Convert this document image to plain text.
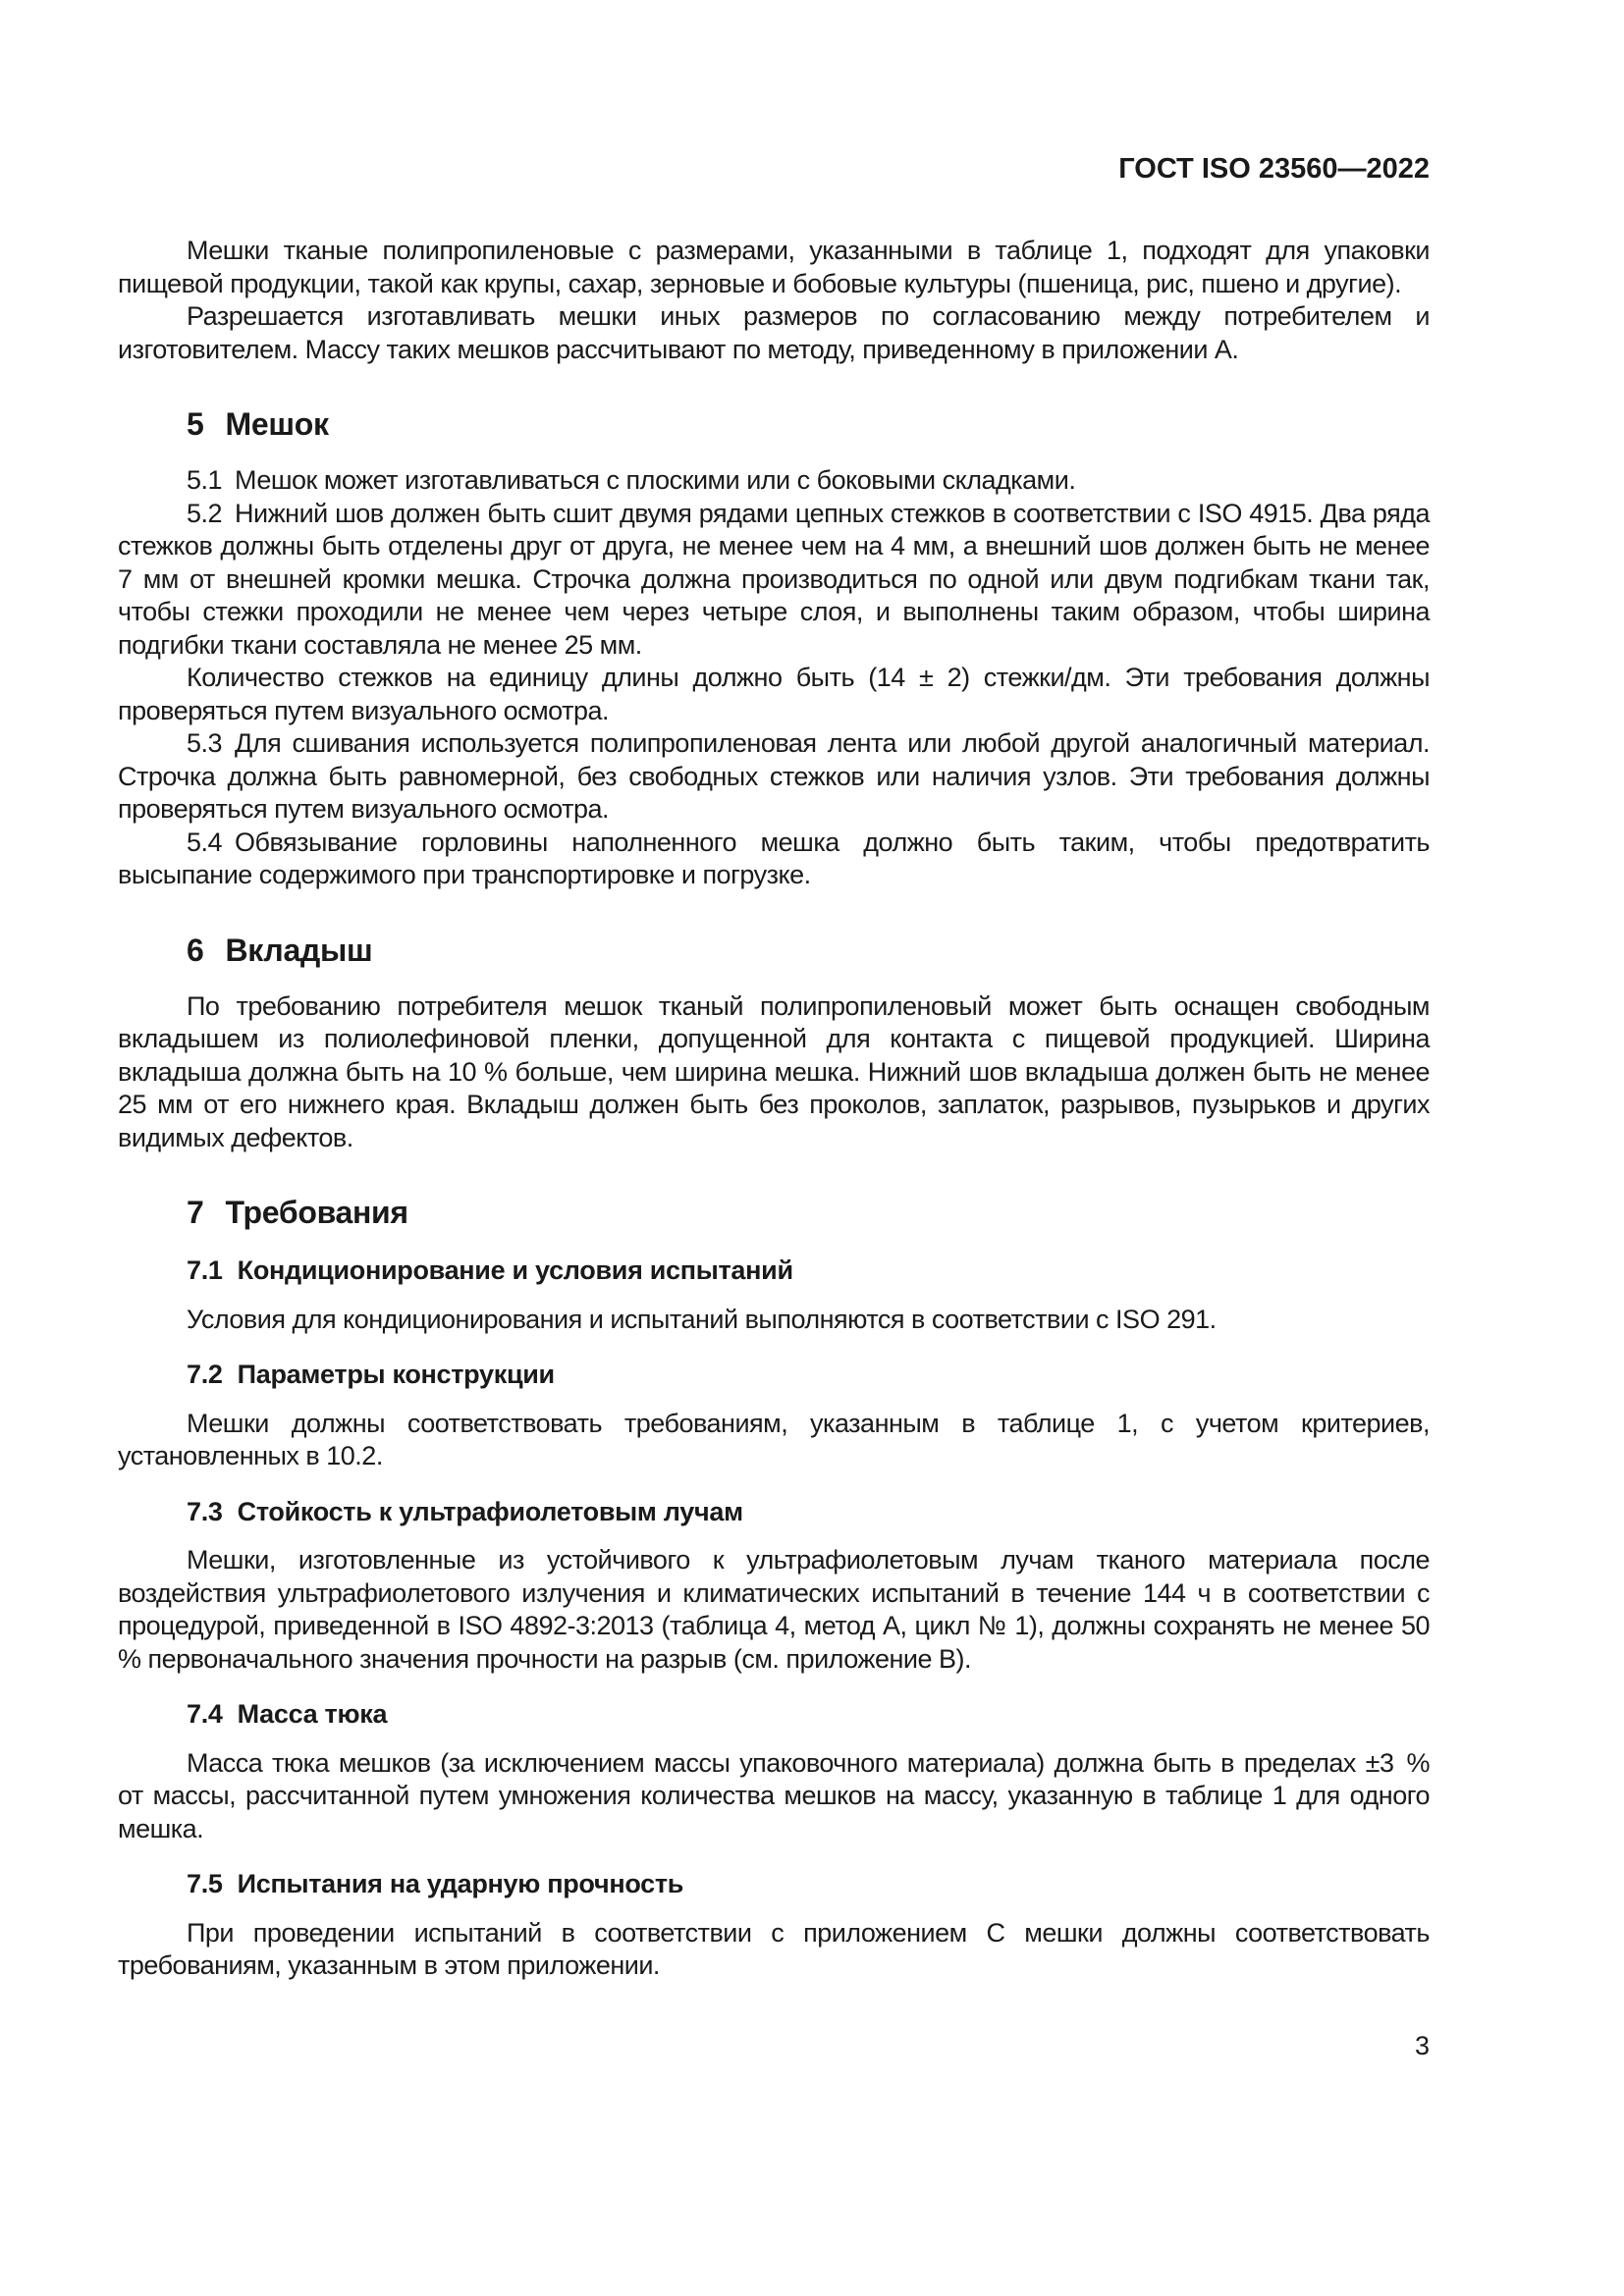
ГОСТ ISO 23560—2022

Мешки тканые полипропиленовые с размерами, указанными в таблице 1, подходят для упаковки пищевой продукции, такой как крупы, сахар, зерновые и бобовые культуры (пшеница, рис, пшено и другие).

Разрешается изготавливать мешки иных размеров по согласованию между потребителем и изготовителем. Массу таких мешков рассчитывают по методу, приведенному в приложении А.

5 Мешок

5.1 Мешок может изготавливаться с плоскими или с боковыми складками.

5.2 Нижний шов должен быть сшит двумя рядами цепных стежков в соответствии с ISO 4915. Два ряда стежков должны быть отделены друг от друга, не менее чем на 4 мм, а внешний шов должен быть не менее 7 мм от внешней кромки мешка. Строчка должна производиться по одной или двум подгибкам ткани так, чтобы стежки проходили не менее чем через четыре слоя, и выполнены таким образом, чтобы ширина подгибки ткани составляла не менее 25 мм.

Количество стежков на единицу длины должно быть (14 ± 2) стежки/дм. Эти требования должны проверяться путем визуального осмотра.

5.3 Для сшивания используется полипропиленовая лента или любой другой аналогичный материал. Строчка должна быть равномерной, без свободных стежков или наличия узлов. Эти требования должны проверяться путем визуального осмотра.

5.4 Обвязывание горловины наполненного мешка должно быть таким, чтобы предотвратить высыпание содержимого при транспортировке и погрузке.

6 Вкладыш

По требованию потребителя мешок тканый полипропиленовый может быть оснащен свободным вкладышем из полиолефиновой пленки, допущенной для контакта с пищевой продукцией. Ширина вкладыша должна быть на 10 % больше, чем ширина мешка. Нижний шов вкладыша должен быть не менее 25 мм от его нижнего края. Вкладыш должен быть без проколов, заплаток, разрывов, пузырьков и других видимых дефектов.

7 Требования
7.1 Кондиционирование и условия испытаний

Условия для кондиционирования и испытаний выполняются в соответствии с ISO 291.

7.2 Параметры конструкции

Мешки должны соответствовать требованиям, указанным в таблице 1, с учетом критериев, установленных в 10.2.

7.3 Стойкость к ультрафиолетовым лучам

Мешки, изготовленные из устойчивого к ультрафиолетовым лучам тканого материала после воздействия ультрафиолетового излучения и климатических испытаний в течение 144 ч в соответствии с процедурой, приведенной в ISO 4892-3:2013 (таблица 4, метод А, цикл № 1), должны сохранять не менее 50 % первоначального значения прочности на разрыв (см. приложение В).

7.4 Масса тюка

Масса тюка мешков (за исключением массы упаковочного материала) должна быть в пределах ±3 % от массы, рассчитанной путем умножения количества мешков на массу, указанную в таблице 1 для одного мешка.

7.5 Испытания на ударную прочность

При проведении испытаний в соответствии с приложением С мешки должны соответствовать требованиям, указанным в этом приложении.

3
